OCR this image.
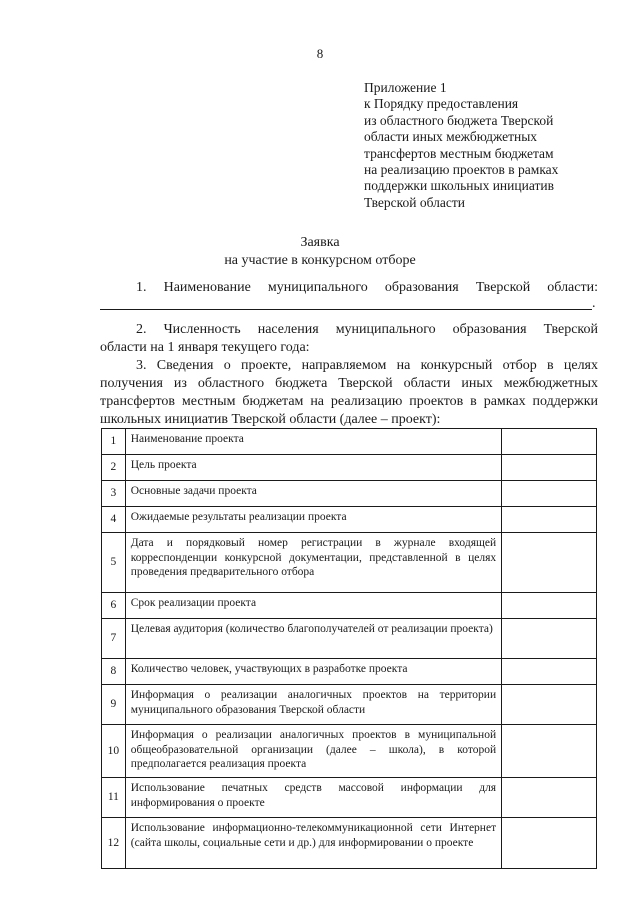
8
Приложение 1
к Порядку предоставления
из областного бюджета Тверской
области иных межбюджетных
трансфертов местным бюджетам
на реализацию проектов в рамках
поддержки школьных инициатив
Тверской области
Заявка
на участие в конкурсном отборе
1. Наименование муниципального образования Тверской области:
.
2. Численность населения муниципального образования Тверской
области на 1 января текущего года:
3. Сведения о проекте, направляемом на конкурсный отбор в целях
получения из областного бюджета Тверской области иных межбюджетных
трансфертов местным бюджетам на реализацию проектов в рамках поддержки
школьных инициатив Тверской области (далее – проект):
1	Наименование проекта	
2	Цель проекта	
3	Основные задачи проекта	
4	Ожидаемые результаты реализации проекта	
5	Дата и порядковый номер регистрации в журнале входящей корреспонденции конкурсной документации, представленной в целях проведения предварительного отбора	
6	Срок реализации проекта	
7	Целевая аудитория (количество благополучателей от реализации проекта)	
8	Количество человек, участвующих в разработке проекта	
9	Информация о реализации аналогичных проектов на территории муниципального образования Тверской области	
10	Информация о реализации аналогичных проектов в муниципальной общеобразовательной организации (далее – школа), в которой предполагается реализация проекта	
11	Использование печатных средств массовой информации для информирования о проекте	
12	Использование информационно-телекоммуникационной сети Интернет (сайта школы, социальные сети и др.) для информировании о проекте	
